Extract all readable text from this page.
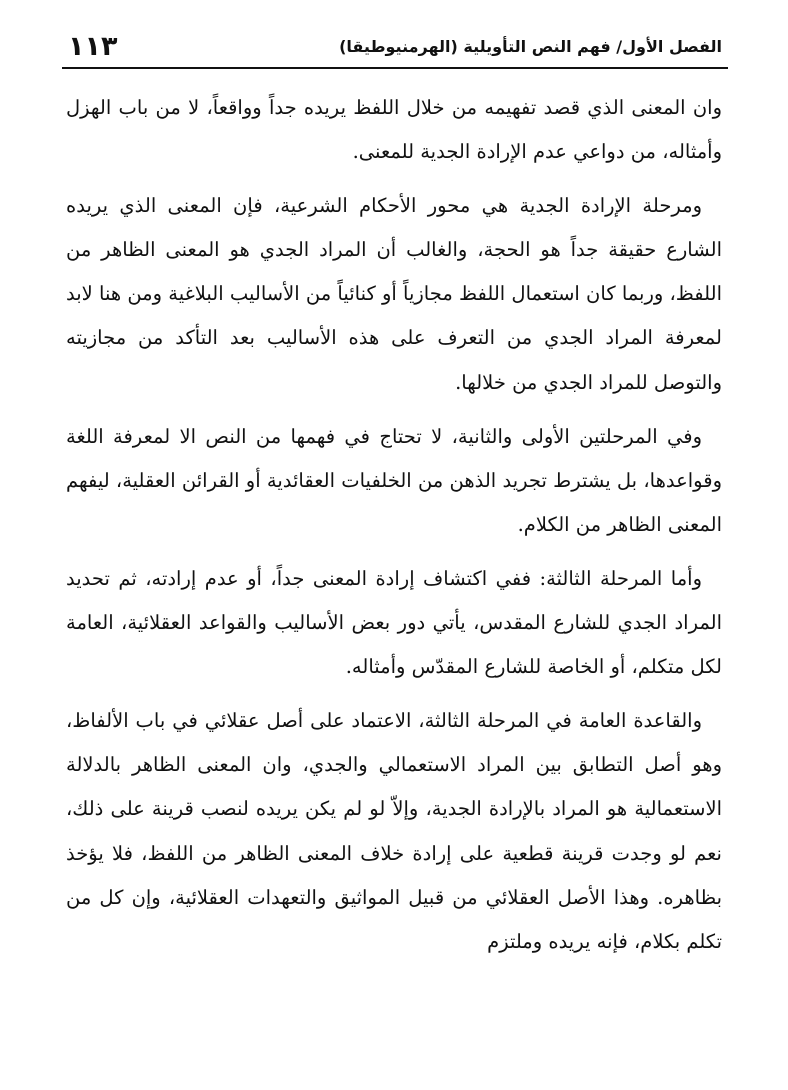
الفصل الأول/ فهم النص التأويلية (الهرمنيوطيقا)
١١٣

وان المعنى الذي قصد تفهيمه من خلال اللفظ يريده جداً وواقعاً، لا من باب الهزل وأمثاله، من دواعي عدم الإرادة الجدية للمعنى.

ومرحلة الإرادة الجدية هي محور الأحكام الشرعية، فإن المعنى الذي يريده الشارع حقيقة جداً هو الحجة، والغالب أن المراد الجدي هو المعنى الظاهر من اللفظ، وربما كان استعمال اللفظ مجازياً أو كنائياً من الأساليب البلاغية ومن هنا لابد لمعرفة المراد الجدي من التعرف على هذه الأساليب بعد التأكد من مجازيته والتوصل للمراد الجدي من خلالها.

وفي المرحلتين الأولى والثانية، لا تحتاج في فهمها من النص الا لمعرفة اللغة وقواعدها، بل يشترط تجريد الذهن من الخلفيات العقائدية أو القرائن العقلية، ليفهم المعنى الظاهر من الكلام.

وأما المرحلة الثالثة: ففي اكتشاف إرادة المعنى جداً، أو عدم إرادته، ثم تحديد المراد الجدي للشارع المقدس، يأتي دور بعض الأساليب والقواعد العقلائية، العامة لكل متكلم، أو الخاصة للشارع المقدّس وأمثاله.

والقاعدة العامة في المرحلة الثالثة، الاعتماد على أصل عقلائي في باب الألفاظ، وهو أصل التطابق بين المراد الاستعمالي والجدي، وان المعنى الظاهر بالدلالة الاستعمالية هو المراد بالإرادة الجدية، وإلاّ لو لم يكن يريده لنصب قرينة على ذلك، نعم لو وجدت قرينة قطعية على إرادة خلاف المعنى الظاهر من اللفظ، فلا يؤخذ بظاهره. وهذا الأصل العقلائي من قبيل المواثيق والتعهدات العقلائية، وإن كل من تكلم بكلام، فإنه يريده وملتزم
